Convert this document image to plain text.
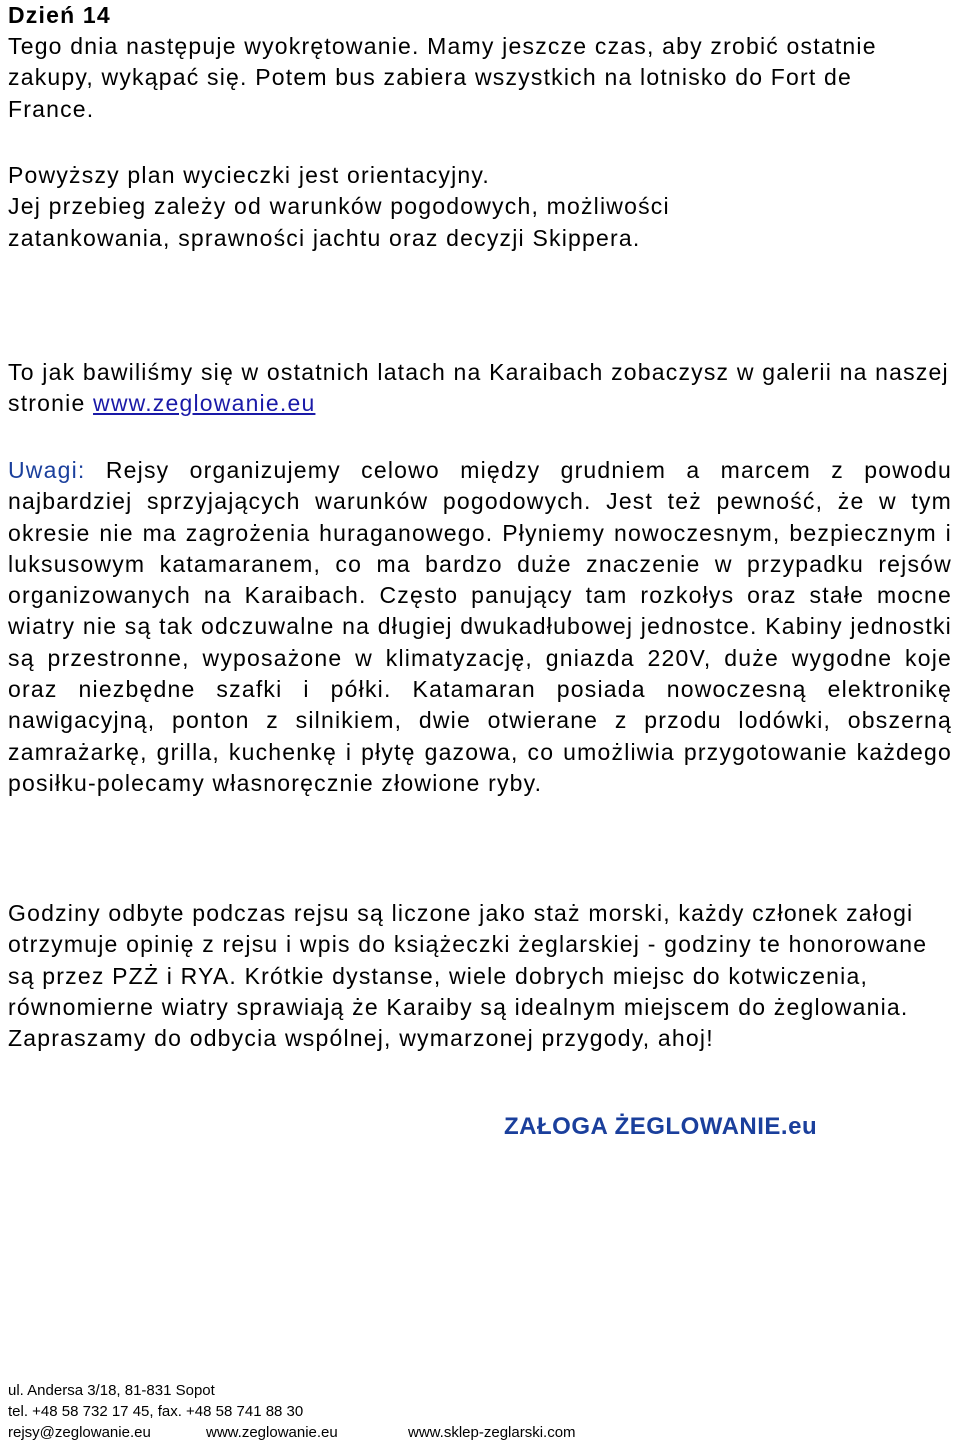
Dzień 14

Tego dnia następuje wyokrętowanie. Mamy jeszcze czas, aby zrobić ostatnie zakupy, wykąpać się. Potem bus zabiera wszystkich na lotnisko do Fort de France.

Powyższy plan wycieczki jest orientacyjny.

Jej przebieg zależy od warunków pogodowych, możliwości zatankowania, sprawności jachtu oraz decyzji Skippera.

To jak bawiliśmy się w ostatnich latach na Karaibach zobaczysz w galerii na naszej stronie www.zeglowanie.eu

Uwagi: Rejsy organizujemy celowo między grudniem a marcem z powodu najbardziej sprzyjających warunków pogodowych. Jest też pewność, że w tym okresie nie ma zagrożenia huraganowego. Płyniemy nowoczesnym, bezpiecznym i luksusowym katamaranem, co ma bardzo duże znaczenie w przypadku rejsów organizowanych na Karaibach. Często panujący tam rozkołys oraz stałe mocne wiatry nie są tak odczuwalne na długiej dwukadłubowej jednostce. Kabiny jednostki są przestronne, wyposażone w klimatyzację, gniazda 220V, duże wygodne koje oraz niezbędne szafki i półki. Katamaran posiada nowoczesną elektronikę nawigacyjną, ponton z silnikiem, dwie otwierane z przodu lodówki, obszerną zamrażarkę, grilla, kuchenkę i płytę gazowa, co umożliwia przygotowanie każdego posiłku-polecamy własnoręcznie złowione ryby.

Godziny odbyte podczas rejsu są liczone jako staż morski, każdy członek załogi otrzymuje opinię z rejsu i wpis do książeczki żeglarskiej - godziny te honorowane są przez PZŻ i RYA. Krótkie dystanse, wiele dobrych miejsc do kotwiczenia, równomierne wiatry sprawiają że Karaiby są idealnym miejscem do żeglowania. Zapraszamy do odbycia wspólnej, wymarzonej przygody, ahoj!

ZAŁOGA ŻEGLOWANIE.eu

ul. Andersa 3/18, 81-831 Sopot
tel. +48 58 732 17 45, fax. +48 58 741 88 30
rejsy@zeglowanie.eu	www.zeglowanie.eu	www.sklep-zeglarski.com
